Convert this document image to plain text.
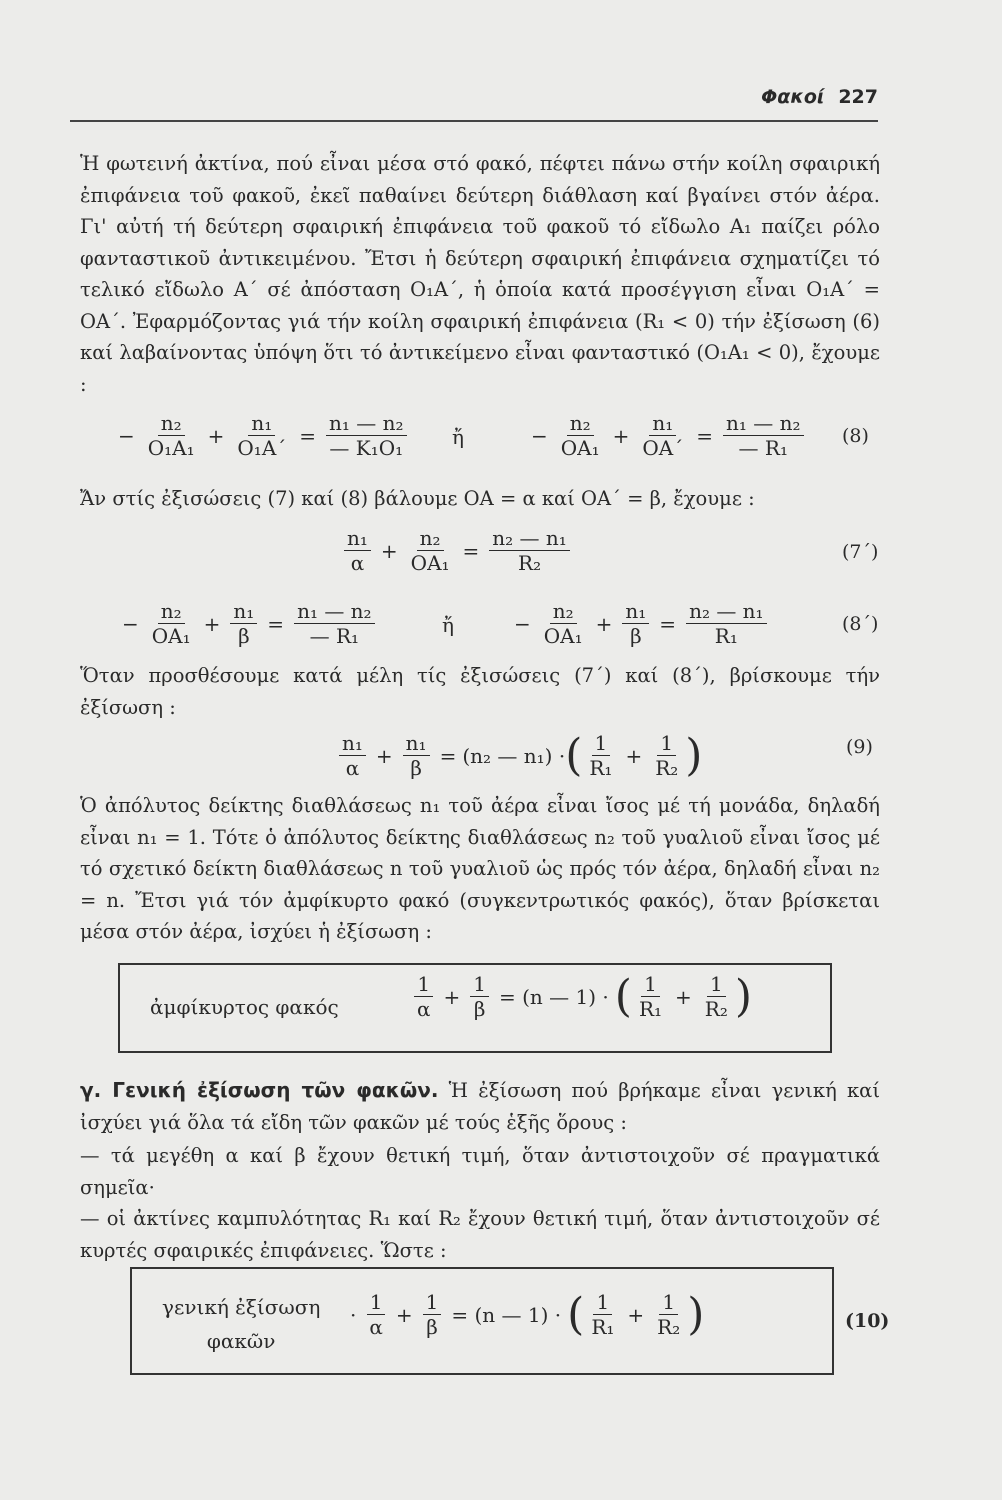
Φακοί 227
Ἡ φωτεινή ἀκτίνα, πού εἶναι μέσα στό φακό, πέφτει πάνω στήν κοίλη σφαιρική ἐπιφάνεια τοῦ φακοῦ, ἐκεῖ παθαίνει δεύτερη διάθλαση καί βγαίνει στόν ἀέρα. Γι' αὐτή τή δεύτερη σφαιρική ἐπιφάνεια τοῦ φακοῦ τό εἴδωλο A₁ παίζει ρόλο φανταστικοῦ ἀντικειμένου. Ἔτσι ἡ δεύτερη σφαιρική ἐπιφάνεια σχηματίζει τό τελικό εἴδωλο A΄ σέ ἀπόσταση O₁A΄, ἡ ὁποία κατά προσέγγιση εἶναι O₁A΄ = OA΄. Ἐφαρμόζοντας γιά τήν κοίλη σφαιρική ἐπιφάνεια (R₁ < 0) τήν ἐξίσωση (6) καί λαβαίνοντας ὑπόψη ὅτι τό ἀντικείμενο εἶναι φανταστικό (O₁A₁ < 0), ἔχουμε :
− $\frac{\text{n₂}}{\text{O₁A₁}} + \frac{\text{n₁}}{\text{O₁A΄}} = \frac{\text{n₁ — n₂}}{\text{— K₁O₁}}$ ἤ	− $\frac{\text{n₂}}{\text{OA₁}} + \frac{\text{n₁}}{OA΄} = \frac{\text{n₁ — n₂}}{\text{— R₁}} (8)$
Ἄν στίς ἐξισώσεις (7) καί (8) βάλουμε OA = α καί OA΄ = β, ἔχουμε :
$\frac{\text{n₁}}{\alpha} + \frac{\text{n₂}}{\text{OA₁}} = \frac{\text{n₂ — n₁}}{\text{R₂}}$	(7΄)
− $\frac{\text{n₂}}{\text{OA₁}} + \frac{\text{n₁}}{\beta} = \frac{\text{n₁ — n₂}}{\text{— R₁}}$	ἤ	− $\frac{\text{n₂}}{\text{OA₁}} + \frac{\text{n₁}}{\beta} = \frac{\text{n₂ — n₁}}{\text{R₁}}$	(8΄)
Ὅταν προσθέσουμε κατά μέλη τίς ἐξισώσεις (7΄) καί (8΄), βρίσκουμε τήν ἐξίσωση :
$\frac{\text{n₁}}{\alpha} + \frac{\text{n₁}}{\beta} = (n_2$ — n₁) · ( $\frac{1}{\text{R₁}} + \frac{1}{\text{R₂}}$ )	(9)
Ὁ ἀπόλυτος δείκτης διαθλάσεως n₁ τοῦ ἀέρα εἶναι ἴσος μέ τή μονάδα, δηλαδή εἶναι n₁ = 1. Τότε ὁ ἀπόλυτος δείκτης διαθλάσεως n₂ τοῦ γυαλιοῦ εἶναι ἴσος μέ τό σχετικό δείκτη διαθλάσεως n τοῦ γυαλιοῦ ὡς πρός τόν ἀέρα, δηλαδή εἶναι n₂ = n. Ἔτσι γιά τόν ἀμφίκυρτο φακό (συγκεντρωτικός φακός), ὅταν βρίσκεται μέσα στόν ἀέρα, ἰσχύει ἡ ἐξίσωση :
ἀμφίκυρτος φακός	$\frac{1}{\alpha} + \frac{1}{\beta} = (n$ — 1) · ( $\frac{1}{\text{R₁}} + \frac{1}{\text{R₂}}$ )
γ. Γενική ἐξίσωση τῶν φακῶν. Ἡ ἐξίσωση πού βρήκαμε εἶναι γενική καί ἰσχύει γιά ὅλα τά εἴδη τῶν φακῶν μέ τούς ἑξῆς ὅρους :
— τά μεγέθη α καί β ἔχουν θετική τιμή, ὅταν ἀντιστοιχοῦν σέ πραγματικά σημεῖα·
— οἱ ἀκτίνες καμπυλότητας R₁ καί R₂ ἔχουν θετική τιμή, ὅταν ἀντιστοιχοῦν σέ κυρτές σφαιρικές ἐπιφάνειες. Ὥστε :
γενική ἐξίσωση
φακῶν
· $\frac{1}{\alpha} + \frac{1}{\beta} = (n$ — 1) · ( $\frac{1}{\text{R₁}} + \frac{1}{\text{R₂}}$ )	(10)
